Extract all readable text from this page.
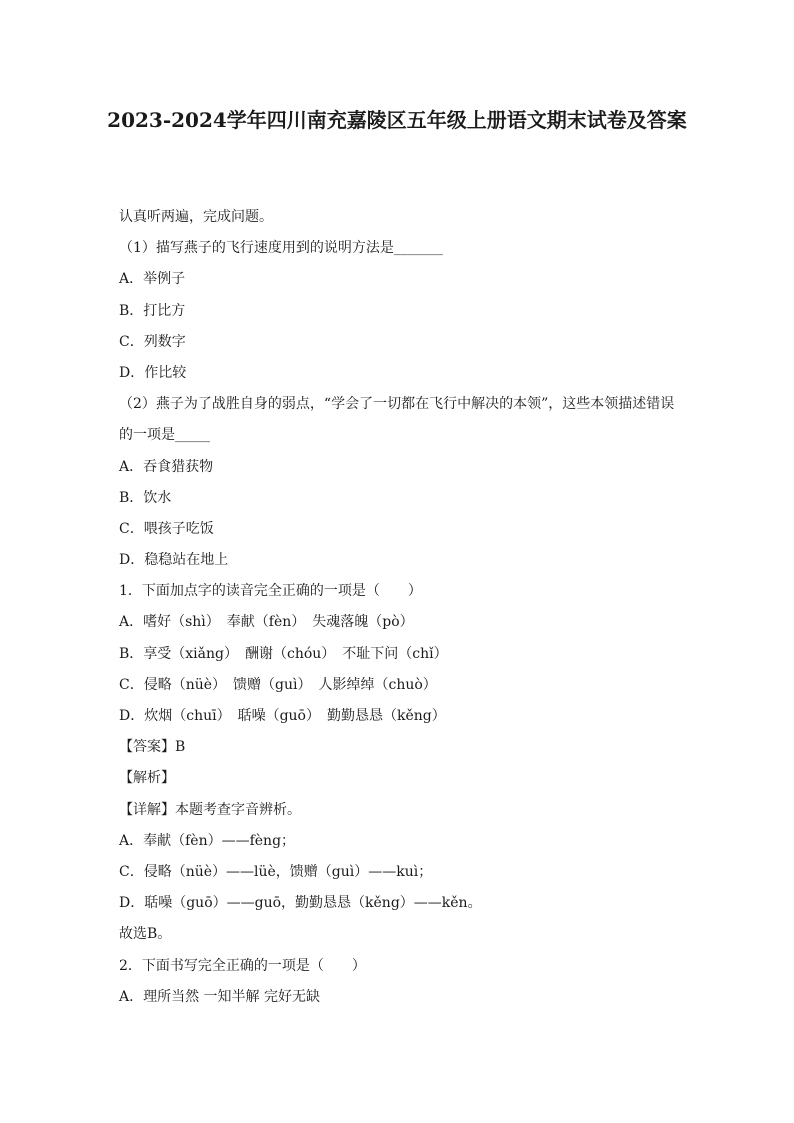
2023-2024学年四川南充嘉陵区五年级上册语文期末试卷及答案

认真听两遍，完成问题。

（1）描写燕子的飞行速度用到的说明方法是_______

A．举例子

B．打比方

C．列数字

D．作比较

（2）燕子为了战胜自身的弱点，“学会了一切都在飞行中解决的本领”，这些本领描述错误的一项是_____

A．吞食猎获物

B．饮水

C．喂孩子吃饭

D．稳稳站在地上

1．下面加点字的读音完全正确的一项是（　　）

A．嗜好（shì）　奉献（fèn）　失魂落魄（pò）

B．享受（xiǎng）　酬谢（chóu）　不耻下问（chǐ）

C．侵略（nüè）　馈赠（guì）　人影绰绰（chuò）

D．炊烟（chuī）　聒噪（guō）　勤勤恳恳（kěng）

【答案】B

【解析】

【详解】本题考查字音辨析。

A．奉献（fèn）——fèng；

C．侵略（nüè）——lüè，馈赠（guì）——kuì；

D．聒噪（guō）——guō，勤勤恳恳（kěng）——kěn。

故选B。

2．下面书写完全正确的一项是（　　）

A．理所当然 一知半解 完好无缺
